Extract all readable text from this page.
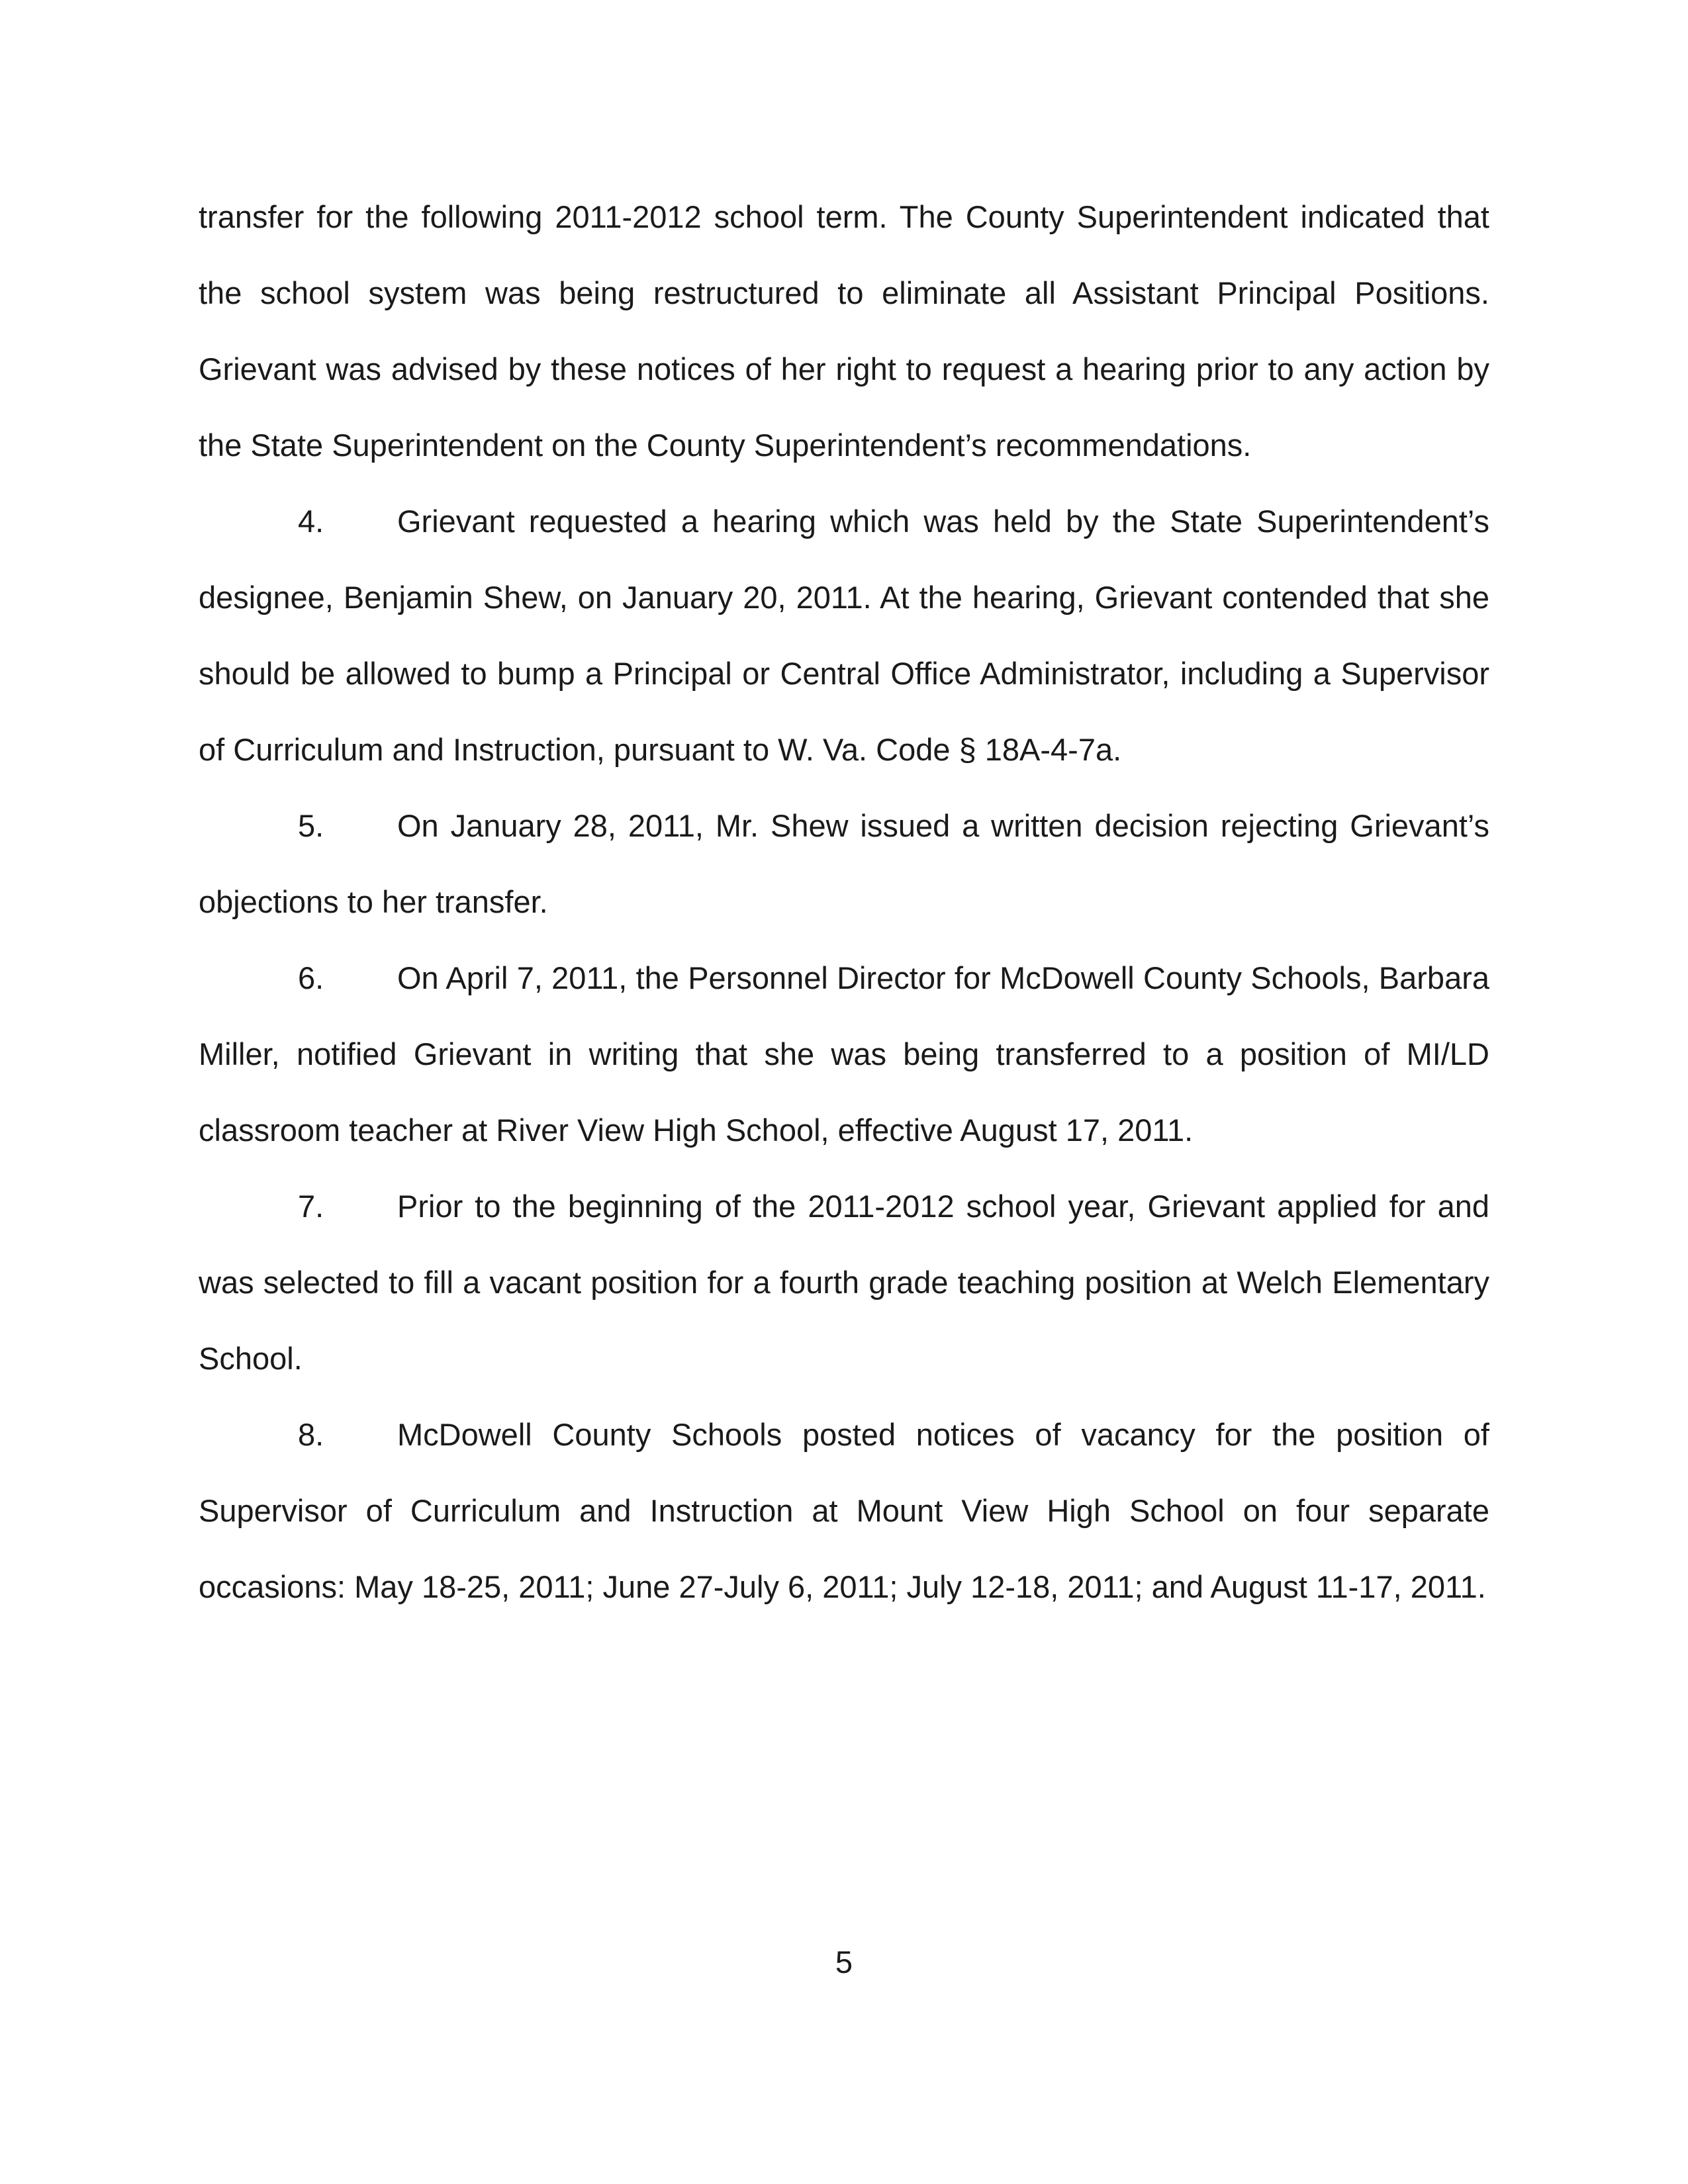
transfer for the following 2011-2012 school term. The County Superintendent indicated that the school system was being restructured to eliminate all Assistant Principal Positions. Grievant was advised by these notices of her right to request a hearing prior to any action by the State Superintendent on the County Superintendent’s recommendations.

4. Grievant requested a hearing which was held by the State Superintendent’s designee, Benjamin Shew, on January 20, 2011. At the hearing, Grievant contended that she should be allowed to bump a Principal or Central Office Administrator, including a Supervisor of Curriculum and Instruction, pursuant to W. Va. Code § 18A-4-7a.

5. On January 28, 2011, Mr. Shew issued a written decision rejecting Grievant’s objections to her transfer.

6. On April 7, 2011, the Personnel Director for McDowell County Schools, Barbara Miller, notified Grievant in writing that she was being transferred to a position of MI/LD classroom teacher at River View High School, effective August 17, 2011.

7. Prior to the beginning of the 2011-2012 school year, Grievant applied for and was selected to fill a vacant position for a fourth grade teaching position at Welch Elementary School.

8. McDowell County Schools posted notices of vacancy for the position of Supervisor of Curriculum and Instruction at Mount View High School on four separate occasions: May 18-25, 2011; June 27-July 6, 2011; July 12-18, 2011; and August 11-17, 2011.

5
